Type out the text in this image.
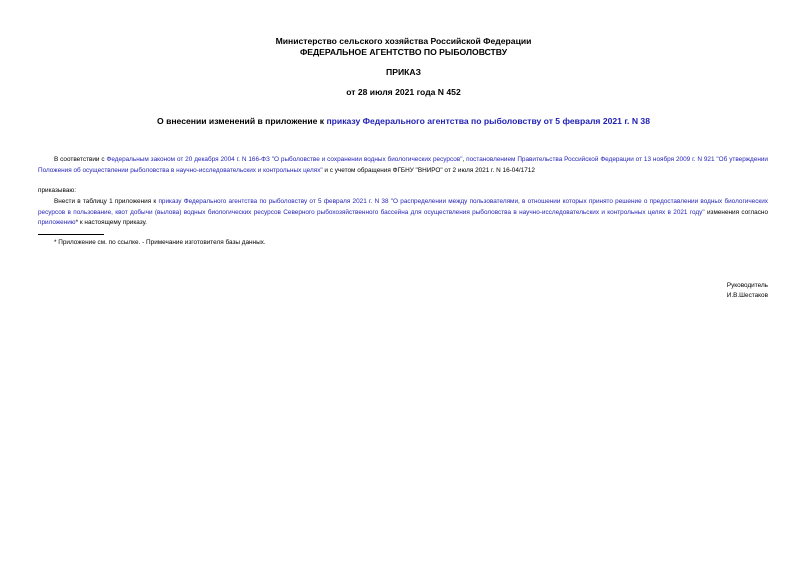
Министерство сельского хозяйства Российской Федерации
ФЕДЕРАЛЬНОЕ АГЕНТСТВО ПО РЫБОЛОВСТВУ
ПРИКАЗ
от 28 июля 2021 года N 452
О внесении изменений в приложение к приказу Федерального агентства по рыболовству от 5 февраля 2021 г. N 38
В соответствии с Федеральным законом от 20 декабря 2004 г. N 166-ФЗ "О рыболовстве и сохранении водных биологических ресурсов", постановлением Правительства Российской Федерации от 13 ноября 2009 г. N 921 "Об утверждении Положения об осуществлении рыболовства в научно-исследовательских и контрольных целях" и с учетом обращения ФГБНУ "ВНИРО" от 2 июля 2021 г. N 16-04/1712
приказываю:
Внести в таблицу 1 приложения к приказу Федерального агентства по рыболовству от 5 февраля 2021 г. N 38 "О распределении между пользователями, в отношении которых принято решение о предоставлении водных биологических ресурсов в пользование, квот добычи (вылова) водных биологических ресурсов Северного рыбохозяйственного бассейна для осуществления рыболовства в научно-исследовательских и контрольных целях в 2021 году" изменения согласно приложению* к настоящему приказу.
* Приложение см. по ссылке. - Примечание изготовителя базы данных.
Руководитель
И.В.Шестаков
